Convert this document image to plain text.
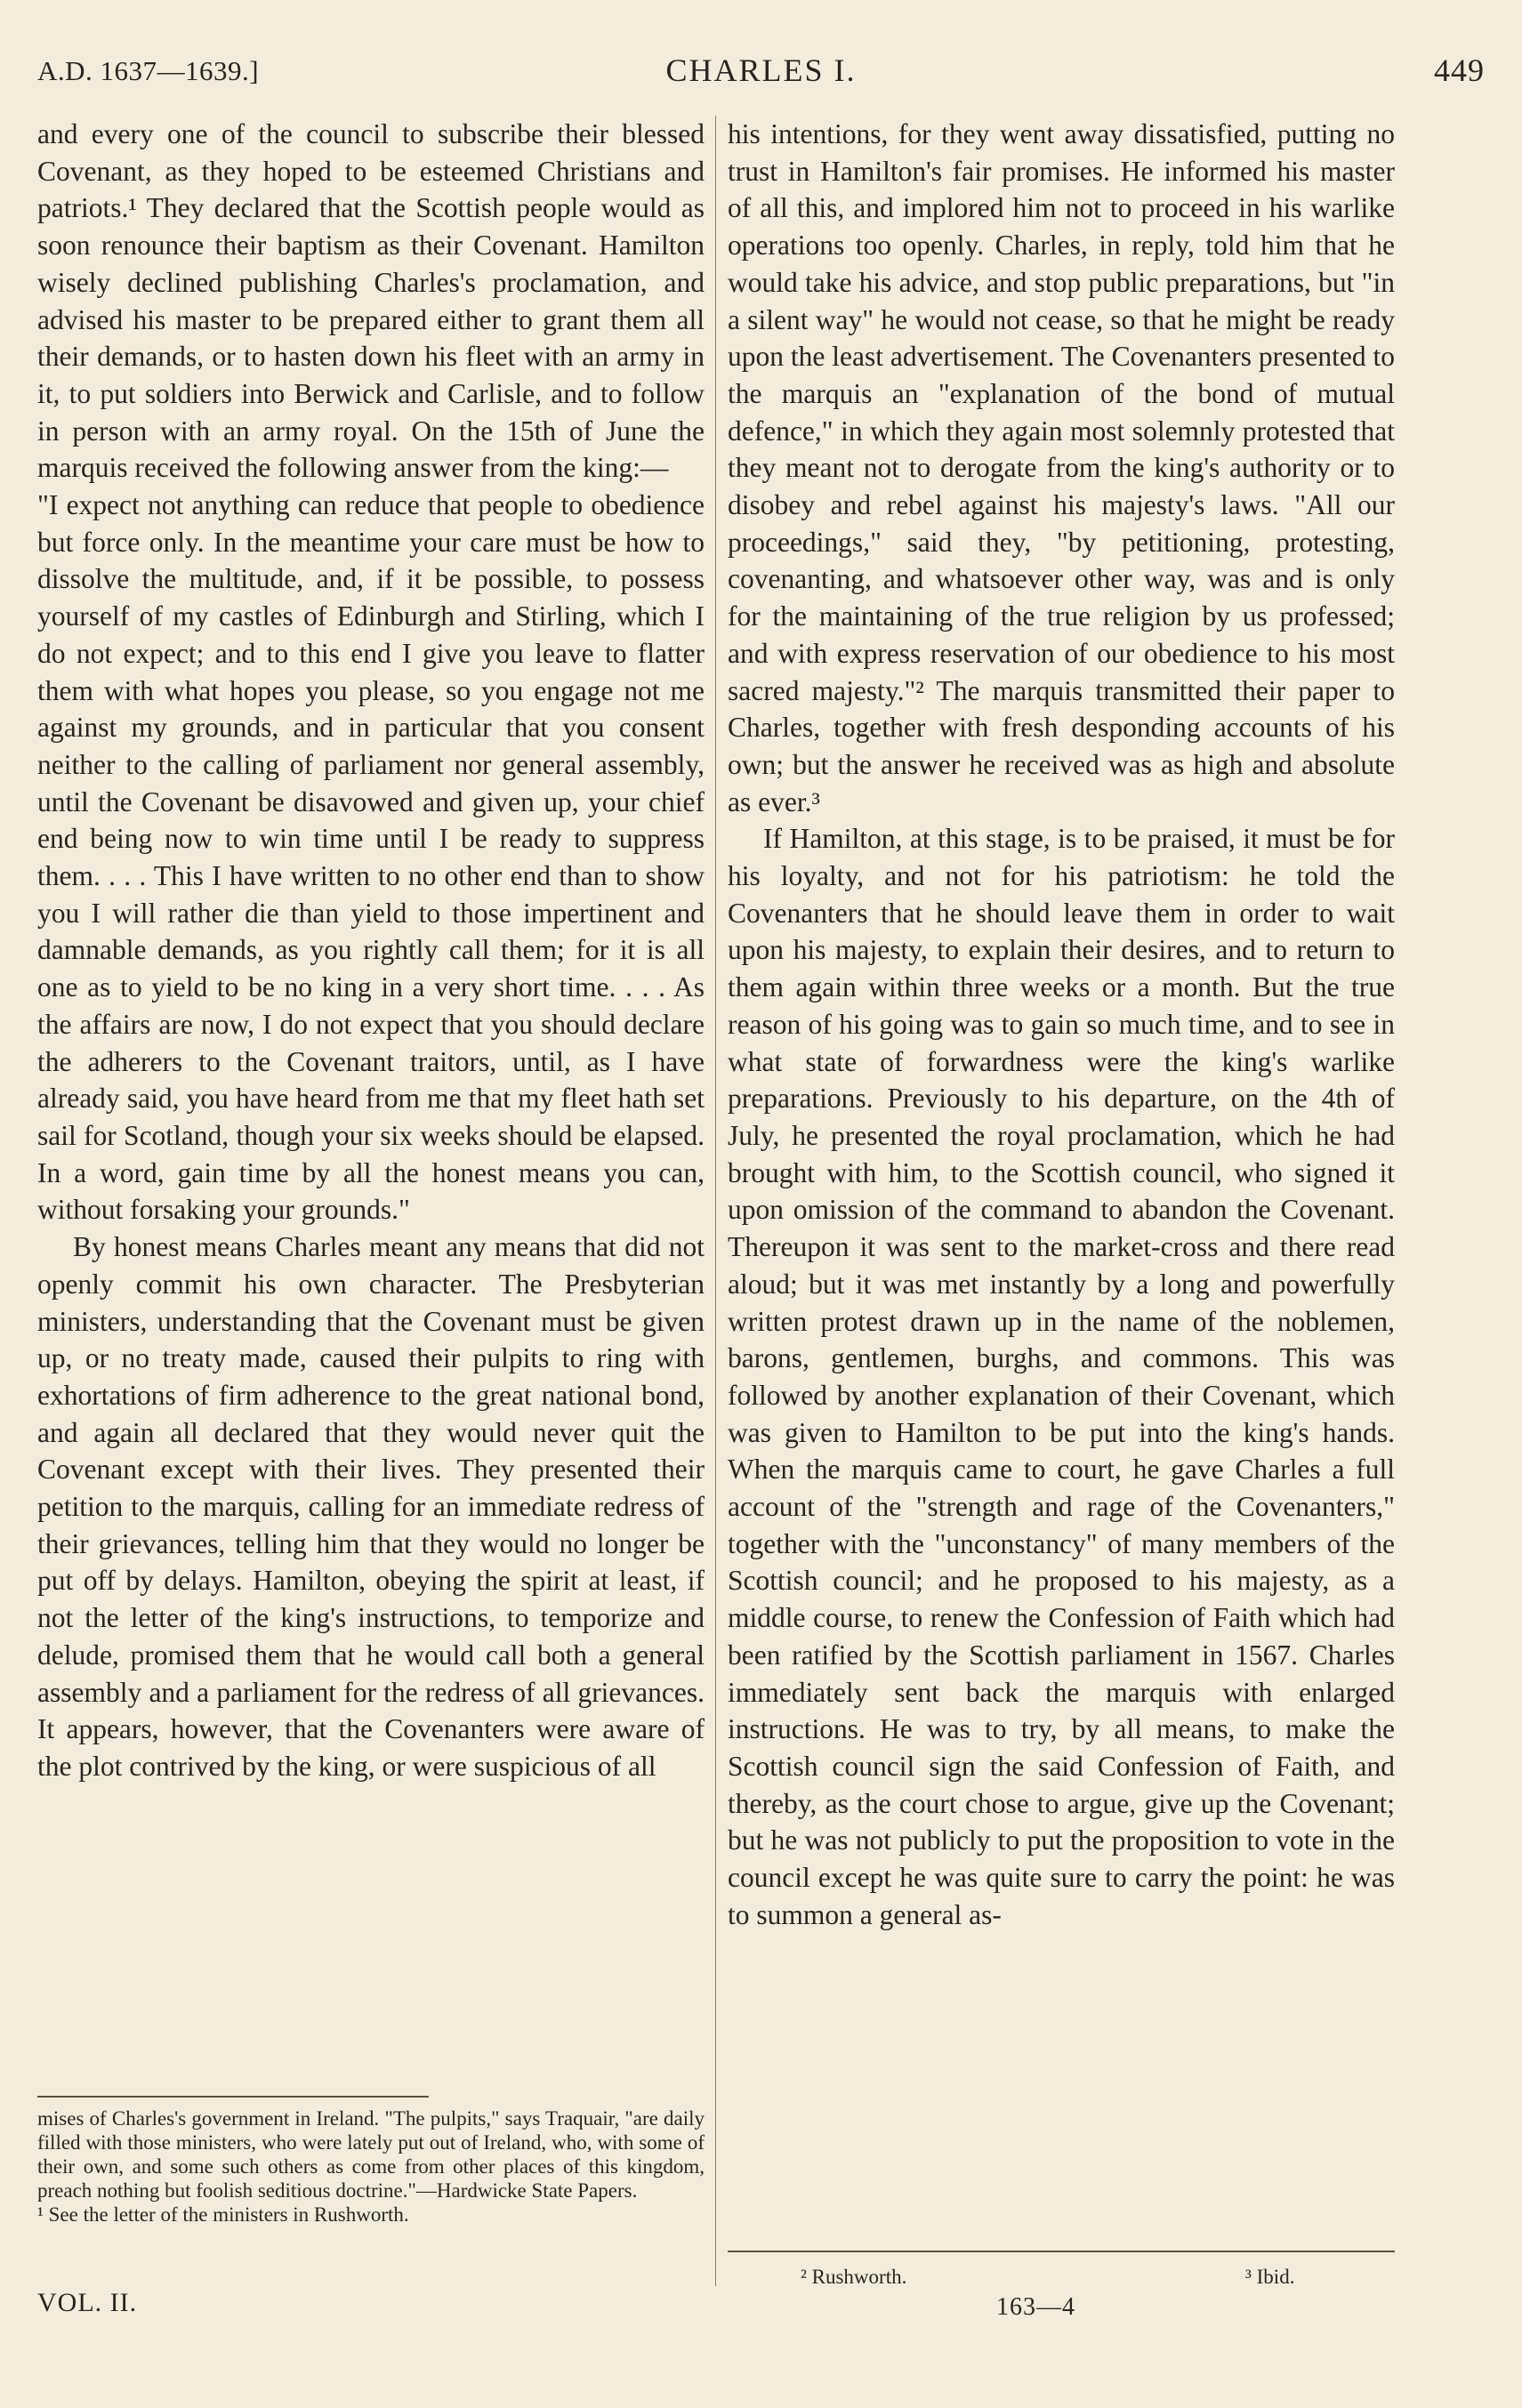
A.D. 1637—1639.]	CHARLES I.	449

and every one of the council to subscribe their blessed Covenant, as they hoped to be esteemed Christians and patriots.¹ They declared that the Scottish people would as soon renounce their baptism as their Covenant. Hamilton wisely declined publishing Charles's proclamation, and advised his master to be prepared either to grant them all their demands, or to hasten down his fleet with an army in it, to put soldiers into Berwick and Carlisle, and to follow in person with an army royal. On the 15th of June the marquis received the following answer from the king:—

"I expect not anything can reduce that people to obedience but force only. In the meantime your care must be how to dissolve the multitude, and, if it be possible, to possess yourself of my castles of Edinburgh and Stirling, which I do not expect; and to this end I give you leave to flatter them with what hopes you please, so you engage not me against my grounds, and in particular that you consent neither to the calling of parliament nor general assembly, until the Covenant be disavowed and given up, your chief end being now to win time until I be ready to suppress them. . . . This I have written to no other end than to show you I will rather die than yield to those impertinent and damnable demands, as you rightly call them; for it is all one as to yield to be no king in a very short time. . . . As the affairs are now, I do not expect that you should declare the adherers to the Covenant traitors, until, as I have already said, you have heard from me that my fleet hath set sail for Scotland, though your six weeks should be elapsed. In a word, gain time by all the honest means you can, without forsaking your grounds."

By honest means Charles meant any means that did not openly commit his own character. The Presbyterian ministers, understanding that the Covenant must be given up, or no treaty made, caused their pulpits to ring with exhortations of firm adherence to the great national bond, and again all declared that they would never quit the Covenant except with their lives. They presented their petition to the marquis, calling for an immediate redress of their grievances, telling him that they would no longer be put off by delays. Hamilton, obeying the spirit at least, if not the letter of the king's instructions, to temporize and delude, promised them that he would call both a general assembly and a parliament for the redress of all grievances. It appears, however, that the Covenanters were aware of the plot contrived by the king, or were suspicious of all

his intentions, for they went away dissatisfied, putting no trust in Hamilton's fair promises. He informed his master of all this, and implored him not to proceed in his warlike operations too openly. Charles, in reply, told him that he would take his advice, and stop public preparations, but "in a silent way" he would not cease, so that he might be ready upon the least advertisement. The Covenanters presented to the marquis an "explanation of the bond of mutual defence," in which they again most solemnly protested that they meant not to derogate from the king's authority or to disobey and rebel against his majesty's laws. "All our proceedings," said they, "by petitioning, protesting, covenanting, and whatsoever other way, was and is only for the maintaining of the true religion by us professed; and with express reservation of our obedience to his most sacred majesty."² The marquis transmitted their paper to Charles, together with fresh desponding accounts of his own; but the answer he received was as high and absolute as ever.³

If Hamilton, at this stage, is to be praised, it must be for his loyalty, and not for his patriotism: he told the Covenanters that he should leave them in order to wait upon his majesty, to explain their desires, and to return to them again within three weeks or a month. But the true reason of his going was to gain so much time, and to see in what state of forwardness were the king's warlike preparations. Previously to his departure, on the 4th of July, he presented the royal proclamation, which he had brought with him, to the Scottish council, who signed it upon omission of the command to abandon the Covenant. Thereupon it was sent to the market-cross and there read aloud; but it was met instantly by a long and powerfully written protest drawn up in the name of the noblemen, barons, gentlemen, burghs, and commons. This was followed by another explanation of their Covenant, which was given to Hamilton to be put into the king's hands. When the marquis came to court, he gave Charles a full account of the "strength and rage of the Covenanters," together with the "unconstancy" of many members of the Scottish council; and he proposed to his majesty, as a middle course, to renew the Confession of Faith which had been ratified by the Scottish parliament in 1567. Charles immediately sent back the marquis with enlarged instructions. He was to try, by all means, to make the Scottish council sign the said Confession of Faith, and thereby, as the court chose to argue, give up the Covenant; but he was not publicly to put the proposition to vote in the council except he was quite sure to carry the point: he was to summon a general as-

mises of Charles's government in Ireland. "The pulpits," says Traquair, "are daily filled with those ministers, who were lately put out of Ireland, who, with some of their own, and some such others as come from other places of this kingdom, preach nothing but foolish seditious doctrine."—Hardwicke State Papers.

¹ See the letter of the ministers in Rushworth.

² Rushworth.	³ Ibid.
VOL. II.	163—4
